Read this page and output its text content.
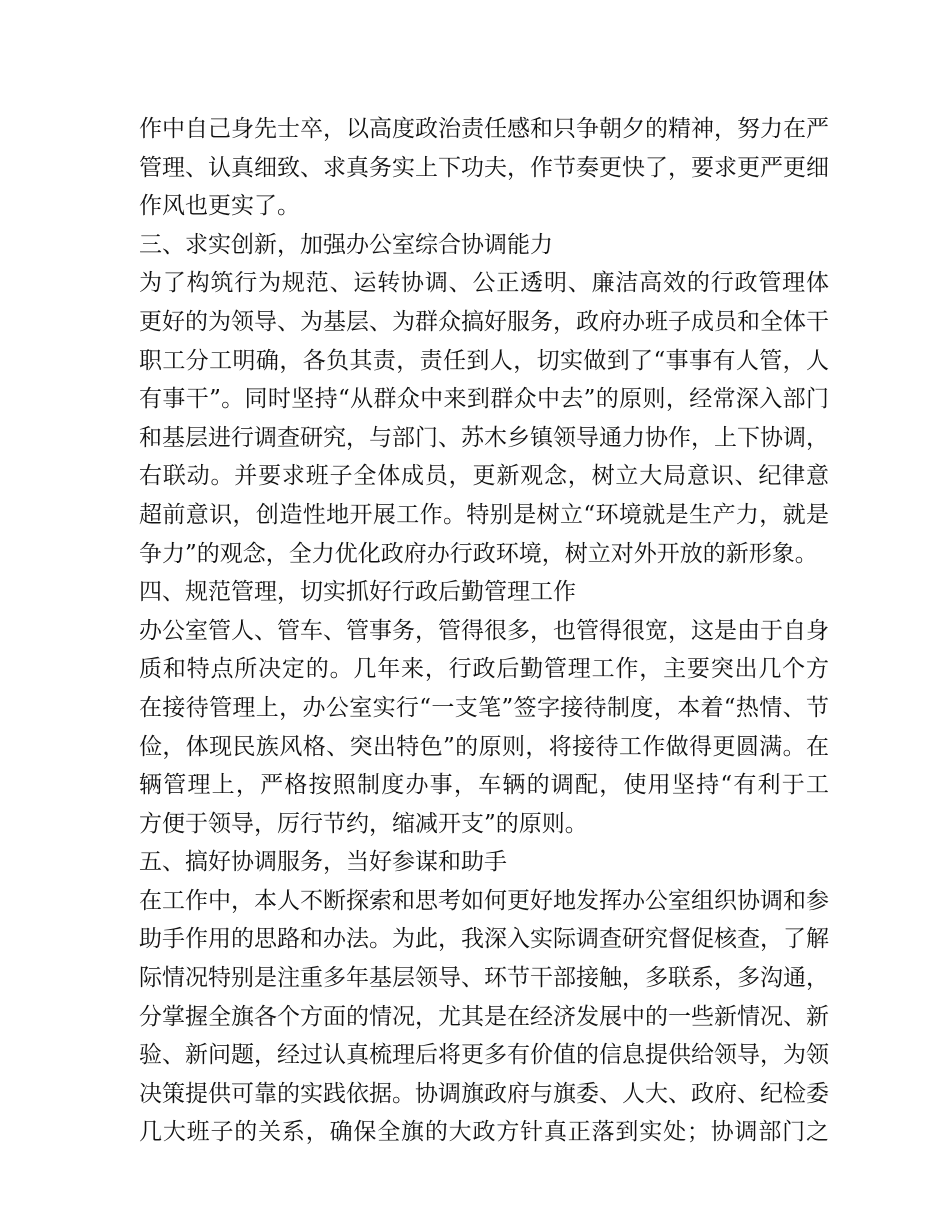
作中自己身先士卒，以高度政治责任感和只争朝夕的精神，努力在严
管理、认真细致、求真务实上下功夫，作节奏更快了，要求更严更细
作风也更实了。
三、求实创新，加强办公室综合协调能力
为了构筑行为规范、运转协调、公正透明、廉洁高效的行政管理体
更好的为领导、为基层、为群众搞好服务，政府办班子成员和全体干
职工分工明确，各负其责，责任到人，切实做到了“事事有人管，人
有事干”。同时坚持“从群众中来到群众中去”的原则，经常深入部门
和基层进行调查研究，与部门、苏木乡镇领导通力协作，上下协调，
右联动。并要求班子全体成员，更新观念，树立大局意识、纪律意
超前意识，创造性地开展工作。特别是树立“环境就是生产力，就是
争力”的观念，全力优化政府办行政环境，树立对外开放的新形象。
四、规范管理，切实抓好行政后勤管理工作
办公室管人、管车、管事务，管得很多，也管得很宽，这是由于自身
质和特点所决定的。几年来，行政后勤管理工作，主要突出几个方
在接待管理上，办公室实行“一支笔”签字接待制度，本着“热情、节
俭，体现民族风格、突出特色”的原则，将接待工作做得更圆满。在
辆管理上，严格按照制度办事，车辆的调配，使用坚持“有利于工
方便于领导，厉行节约，缩减开支”的原则。
五、搞好协调服务，当好参谋和助手
在工作中，本人不断探索和思考如何更好地发挥办公室组织协调和参
助手作用的思路和办法。为此，我深入实际调查研究督促核查，了解
际情况特别是注重多年基层领导、环节干部接触，多联系，多沟通，
分掌握全旗各个方面的情况，尤其是在经济发展中的一些新情况、新
验、新问题，经过认真梳理后将更多有价值的信息提供给领导，为领
决策提供可靠的实践依据。协调旗政府与旗委、人大、政府、纪检委
几大班子的关系，确保全旗的大政方针真正落到实处；协调部门之
